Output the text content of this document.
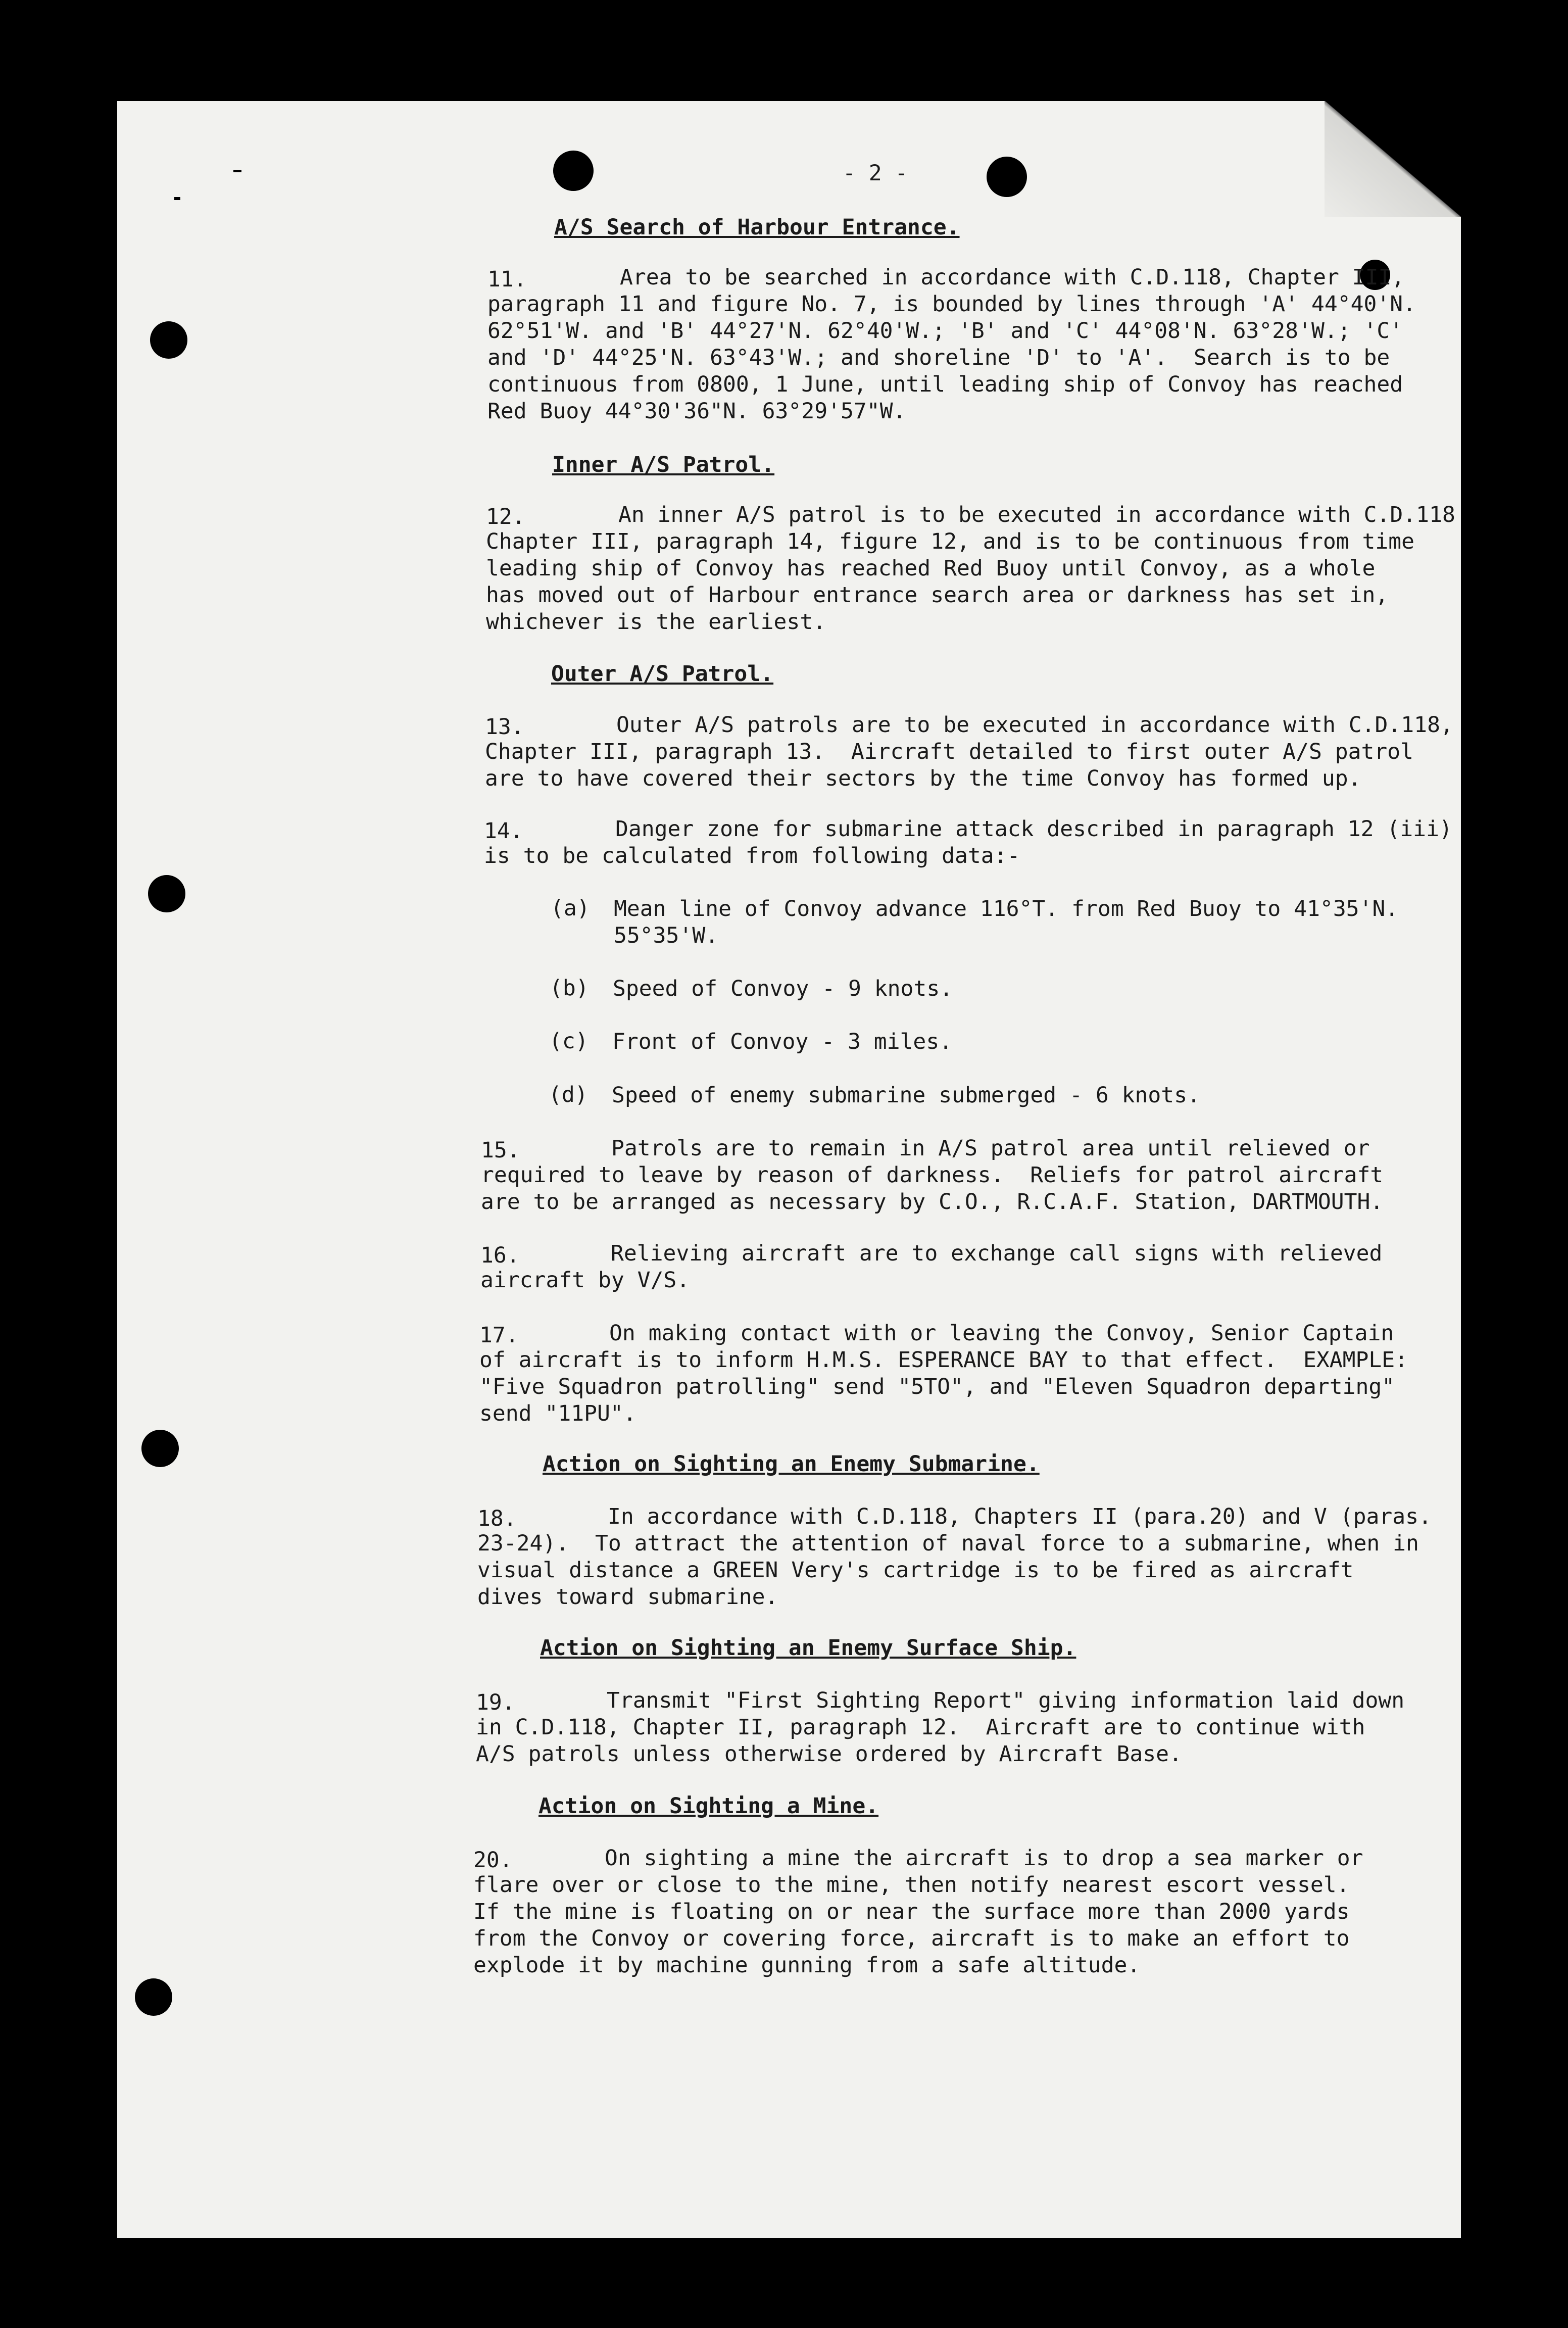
- 2 -
A/S Search of Harbour Entrance.
11.	Area to be searched in accordance with C.D.118, Chapter III,
paragraph 11 and figure No. 7, is bounded by lines through 'A' 44°40'N.
62°51'W. and 'B' 44°27'N. 62°40'W.; 'B' and 'C' 44°08'N. 63°28'W.; 'C'
and 'D' 44°25'N. 63°43'W.; and shoreline 'D' to 'A'.  Search is to be
continuous from 0800, 1 June, until leading ship of Convoy has reached
Red Buoy 44°30'36"N. 63°29'57"W.
Inner A/S Patrol.
12.	An inner A/S patrol is to be executed in accordance with C.D.118
Chapter III, paragraph 14, figure 12, and is to be continuous from time
leading ship of Convoy has reached Red Buoy until Convoy, as a whole
has moved out of Harbour entrance search area or darkness has set in,
whichever is the earliest.
Outer A/S Patrol.
13.	Outer A/S patrols are to be executed in accordance with C.D.118,
Chapter III, paragraph 13.  Aircraft detailed to first outer A/S patrol
are to have covered their sectors by the time Convoy has formed up.
14.	Danger zone for submarine attack described in paragraph 12 (iii)
is to be calculated from following data:-
(a) Mean line of Convoy advance 116°T. from Red Buoy to 41°35'N.
55°35'W.
(b) Speed of Convoy - 9 knots.
(c) Front of Convoy - 3 miles.
(d) Speed of enemy submarine submerged - 6 knots.
15.	Patrols are to remain in A/S patrol area until relieved or
required to leave by reason of darkness.  Reliefs for patrol aircraft
are to be arranged as necessary by C.O., R.C.A.F. Station, DARTMOUTH.
16.	Relieving aircraft are to exchange call signs with relieved
aircraft by V/S.
17.	On making contact with or leaving the Convoy, Senior Captain
of aircraft is to inform H.M.S. ESPERANCE BAY to that effect.  EXAMPLE:
"Five Squadron patrolling" send "5TO", and "Eleven Squadron departing"
send "11PU".
Action on Sighting an Enemy Submarine.
18.	In accordance with C.D.118, Chapters II (para.20) and V (paras.
23-24).  To attract the attention of naval force to a submarine, when in
visual distance a GREEN Very's cartridge is to be fired as aircraft
dives toward submarine.
Action on Sighting an Enemy Surface Ship.
19.	Transmit "First Sighting Report" giving information laid down
in C.D.118, Chapter II, paragraph 12.  Aircraft are to continue with
A/S patrols unless otherwise ordered by Aircraft Base.
Action on Sighting a Mine.
20.	On sighting a mine the aircraft is to drop a sea marker or
flare over or close to the mine, then notify nearest escort vessel.
If the mine is floating on or near the surface more than 2000 yards
from the Convoy or covering force, aircraft is to make an effort to
explode it by machine gunning from a safe altitude.
